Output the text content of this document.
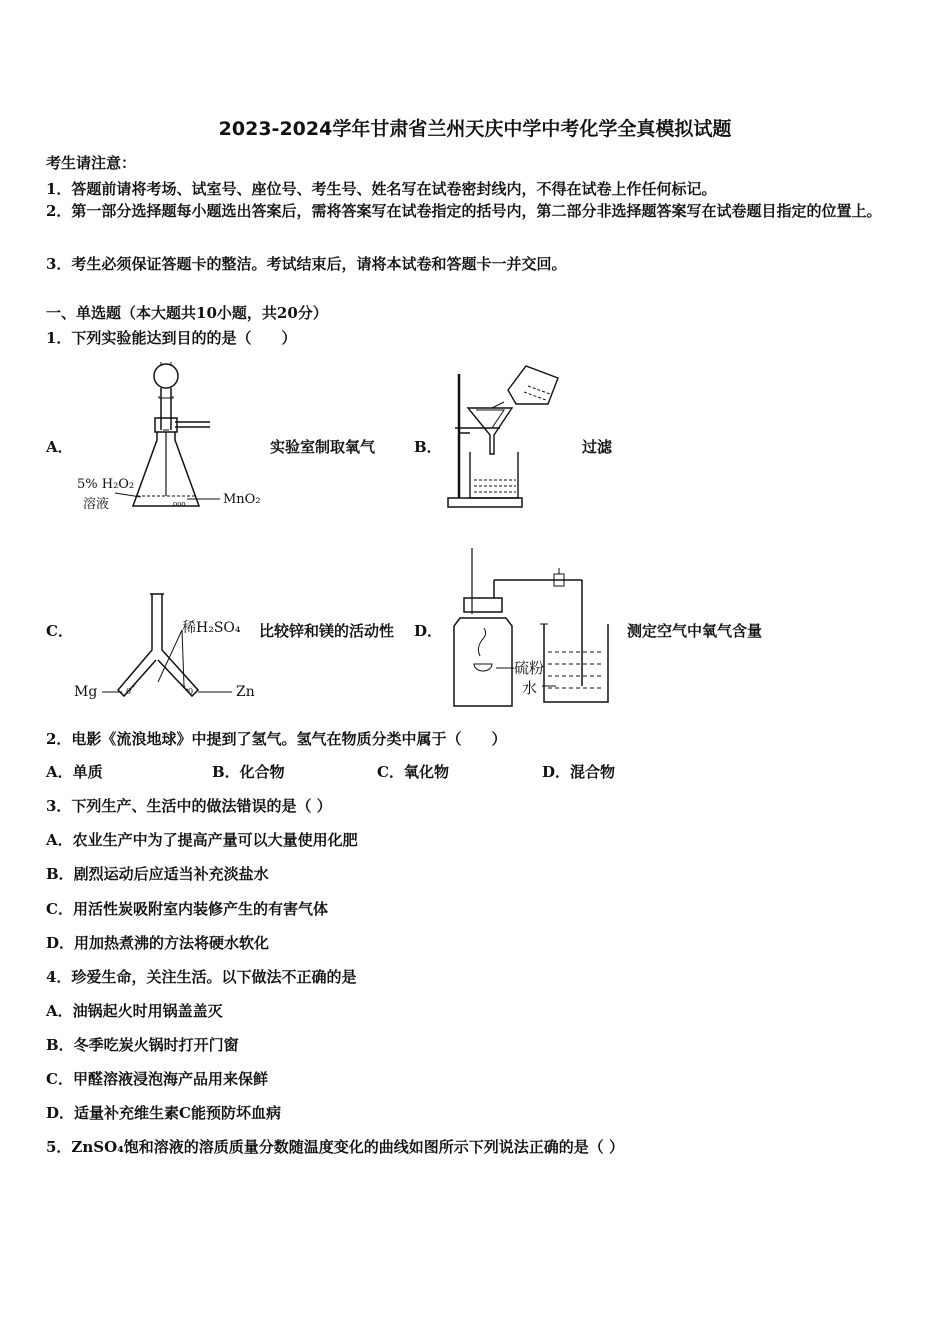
2023-2024学年甘肃省兰州天庆中学中考化学全真模拟试题
考生请注意：
1．答题前请将考场、试室号、座位号、考生号、姓名写在试卷密封线内，不得在试卷上作任何标记。
2．第一部分选择题每小题选出答案后，需将答案写在试卷指定的括号内，第二部分非选择题答案写在试卷题目指定的位置上。
3．考生必须保证答题卡的整洁。考试结束后，请将本试卷和答题卡一并交回。
一、单选题（本大题共10小题，共20分）
1．下列实验能达到目的的是（　　）
A．
ooo
5% H₂O₂
溶液	MnO₂
实验室制取氧气	B．	过滤
C．
0	0
稀H₂SO₄
Mg	Zn
比较锌和镁的活动性 D．
硫粉
水
测定空气中氧气含量
2．电影《流浪地球》中提到了氢气。氢气在物质分类中属于（　　）
A．单质	B．化合物	C．氧化物	D．混合物
3．下列生产、生活中的做法错误的是（ ）
A．农业生产中为了提高产量可以大量使用化肥
B．剧烈运动后应适当补充淡盐水
C．用活性炭吸附室内装修产生的有害气体
D．用加热煮沸的方法将硬水软化
4．珍爱生命，关注生活。以下做法不正确的是
A．油锅起火时用锅盖盖灭
B．冬季吃炭火锅时打开门窗
C．甲醛溶液浸泡海产品用来保鲜
D．适量补充维生素C能预防坏血病
5．ZnSO₄饱和溶液的溶质质量分数随温度变化的曲线如图所示下列说法正确的是（ ）
